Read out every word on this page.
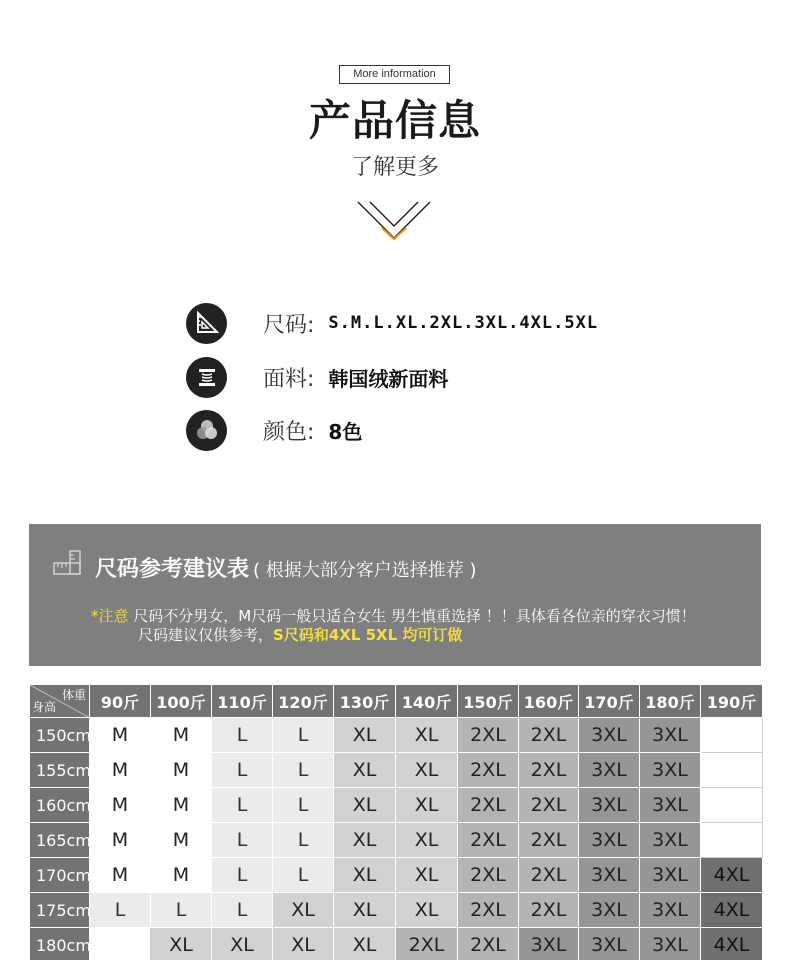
More information
产品信息
了解更多
尺码: S.M.L.XL.2XL.3XL.4XL.5XL
面料: 韩国绒新面料
颜色: 8色
尺码参考建议表 ( 根据大部分客户选择推荐 )
*注意 尺码不分男女，M尺码一般只适合女生 男生慎重选择 ！！具体看各位亲的穿衣习惯！
尺码建议仅供参考，S尺码和4XL 5XL 均可订做
体重
身高	90斤	100斤	110斤	120斤	130斤	140斤	150斤	160斤	170斤	180斤	190斤
150cm	M	M	L	L	XL	XL	2XL	2XL	3XL	3XL	
155cm	M	M	L	L	XL	XL	2XL	2XL	3XL	3XL	
160cm	M	M	L	L	XL	XL	2XL	2XL	3XL	3XL	
165cm	M	M	L	L	XL	XL	2XL	2XL	3XL	3XL	
170cm	M	M	L	L	XL	XL	2XL	2XL	3XL	3XL	4XL
175cm	L	L	L	XL	XL	XL	2XL	2XL	3XL	3XL	4XL
180cm		XL	XL	XL	XL	2XL	2XL	3XL	3XL	3XL	4XL
